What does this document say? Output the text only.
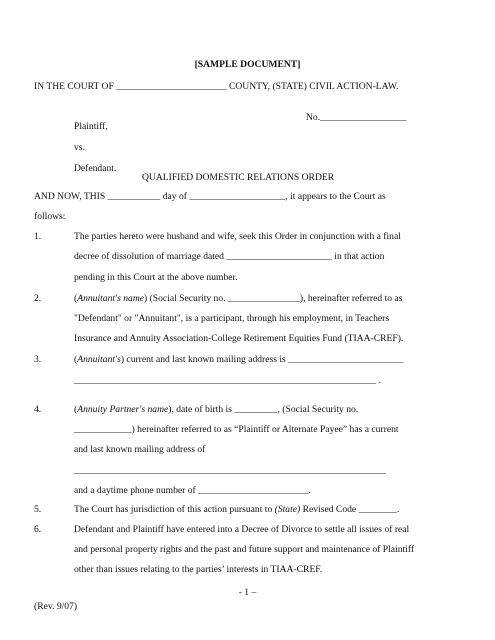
[SAMPLE DOCUMENT]

IN THE COURT OF _______________________ COUNTY, (STATE) CIVIL ACTION-LAW.

No.__________________

Plaintiff,

vs.

Defendant.

QUALIFIED DOMESTIC RELATIONS ORDER

AND NOW, THIS ___________ day of ____________________, it appears to the Court as

follows:

1.	The parties hereto were husband and wife, seek this Order in conjunction with a final

decree of dissolution of marriage dated ______________________ in that action

pending in this Court at the above number.

2.	(Annuitant's name) (Social Security no. _______________), hereinafter referred to as

"Defendant" or "Annuitant", is a participant, through his employment, in Teachers

Insurance and Annuity Association-College Retirement Equities Fund (TIAA-CREF).

3.	(Annuitant's) current and last known mailing address is ________________________

_______________________________________________________________ .

4.	(Annuity Partner's name), date of birth is _________, (Social Security no.

____________) hereinafter referred to as “Plaintiff or Alternate Payee” has a current

and last known mailing address of

_________________________________________________________________

and a daytime phone number of _______________________.

5.	The Court has jurisdiction of this action pursuant to (State) Revised Code ________.

6.	Defendant and Plaintiff have entered into a Decree of Divorce to settle all issues of real

and personal property rights and the past and future support and maintenance of Plaintiff

other than issues relating to the parties’ interests in TIAA-CREF.

- 1 –

(Rev. 9/07)
